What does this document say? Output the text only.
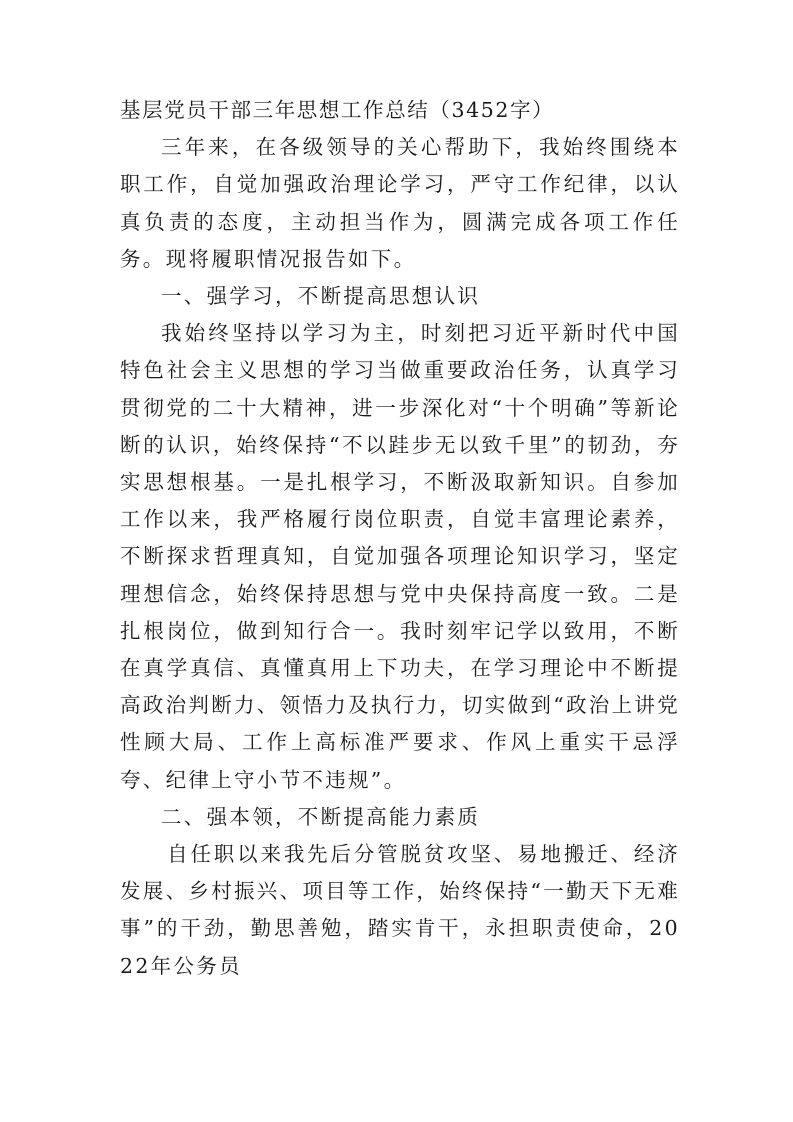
基层党员干部三年思想工作总结（3452字）

三年来，在各级领导的关心帮助下，我始终围绕本职工作，自觉加强政治理论学习，严守工作纪律，以认真负责的态度，主动担当作为，圆满完成各项工作任务。现将履职情况报告如下。

一、强学习，不断提高思想认识

我始终坚持以学习为主，时刻把习近平新时代中国特色社会主义思想的学习当做重要政治任务，认真学习贯彻党的二十大精神，进一步深化对“十个明确”等新论断的认识，始终保持“不以跬步无以致千里”的韧劲，夯实思想根基。一是扎根学习，不断汲取新知识。自参加工作以来，我严格履行岗位职责，自觉丰富理论素养，不断探求哲理真知，自觉加强各项理论知识学习，坚定理想信念，始终保持思想与党中央保持高度一致。二是扎根岗位，做到知行合一。我时刻牢记学以致用，不断在真学真信、真懂真用上下功夫，在学习理论中不断提高政治判断力、领悟力及执行力，切实做到“政治上讲党性顾大局、工作上高标准严要求、作风上重实干忌浮夸、纪律上守小节不违规”。

二、强本领，不断提高能力素质

自任职以来我先后分管脱贫攻坚、易地搬迁、经济发展、乡村振兴、项目等工作，始终保持“一勤天下无难事”的干劲，勤思善勉，踏实肯干，永担职责使命，2022年公务员
